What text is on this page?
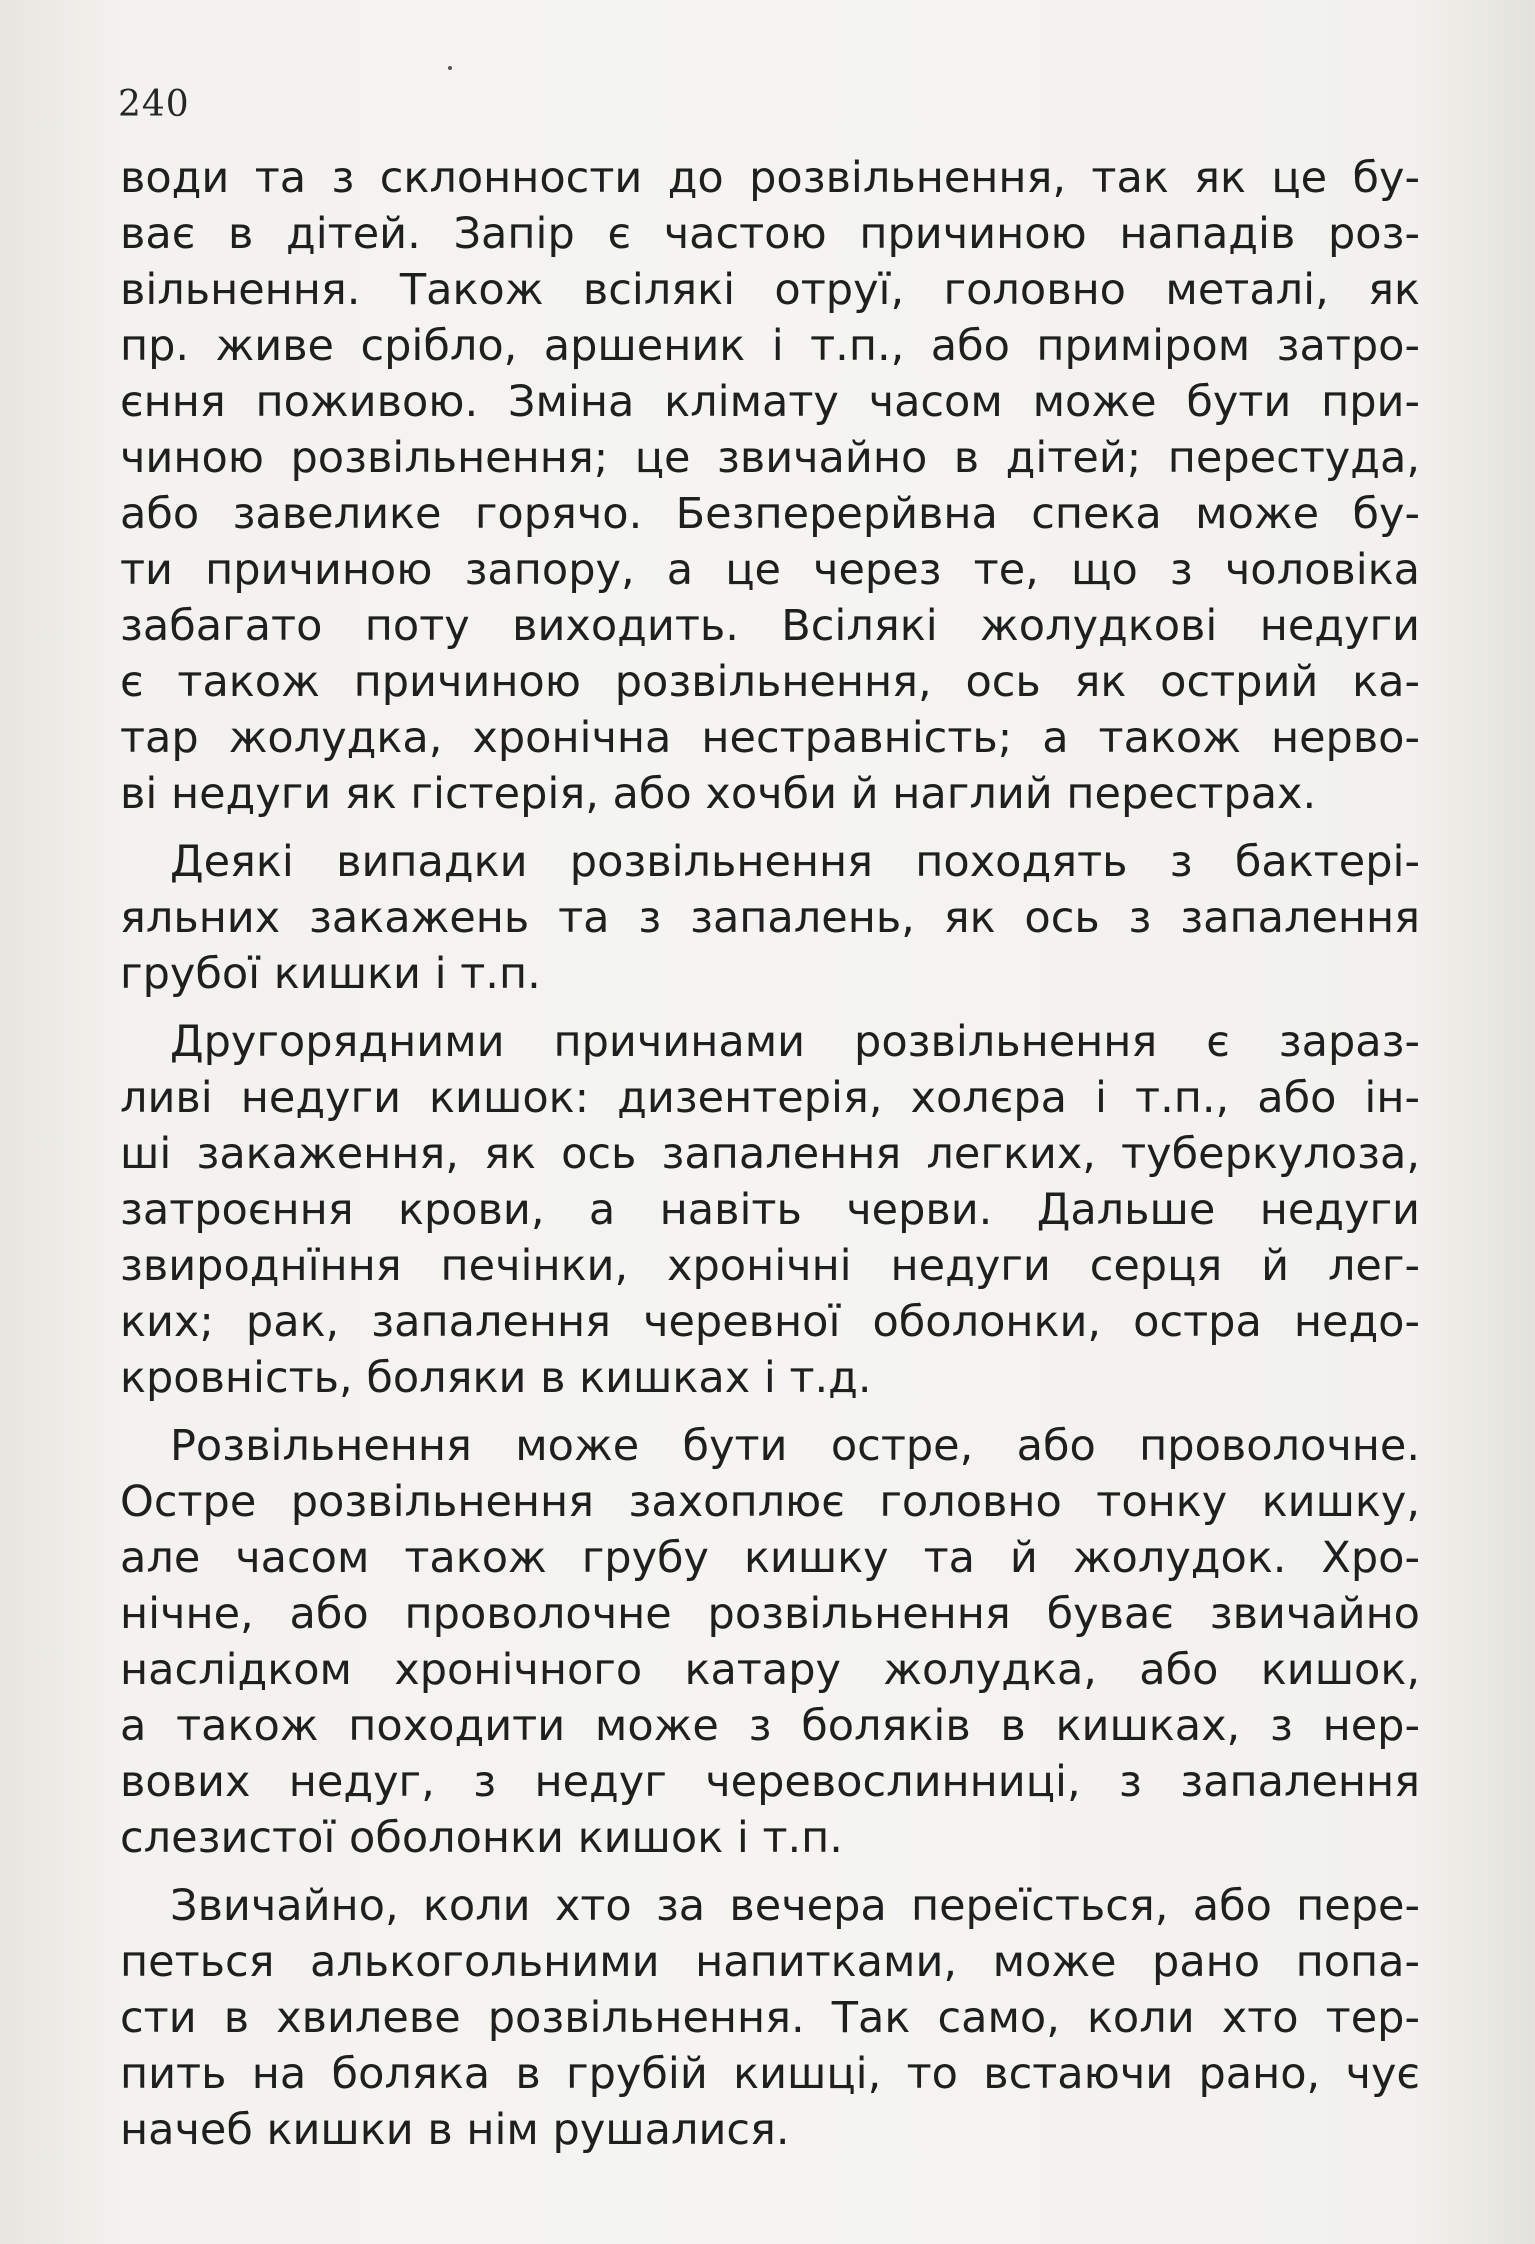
240
води та з склонности до розвільнення, так як це бу-
ває в дітей. Запір є частою причиною нападів роз-
вільнення. Також всілякі отруї, головно металі, як
пр. живе срібло, аршеник і т.п., або приміром затро-
єння поживою. Зміна клімату часом може бути при-
чиною розвільнення; це звичайно в дітей; перестуда,
або завелике горячо. Безперерйвна спека може бу-
ти причиною запору, а це через те, що з чоловіка
забагато поту виходить. Всілякі жолудкові недуги
є також причиною розвільнення, ось як острий ка-
тар жолудка, хронічна нестравність; а також нерво-
ві недуги як гістерія, або хочби й наглий перестрах.
Деякі випадки розвільнення походять з бактері-
яльних закажень та з запалень, як ось з запалення
грубої кишки і т.п.
Другорядними причинами розвільнення є зараз-
ливі недуги кишок: дизентерія, холєра і т.п., або ін-
ші закаження, як ось запалення легких, туберкулоза,
затроєння крови, а навіть черви. Дальше недуги
звироднїння печінки, хронічні недуги серця й лег-
ких; рак, запалення черевної оболонки, остра недо-
кровність, боляки в кишках і т.д.
Розвільнення може бути остре, або проволочне.
Остре розвільнення захоплює головно тонку кишку,
але часом також грубу кишку та й жолудок. Хро-
нічне, або проволочне розвільнення буває звичайно
наслідком хронічного катару жолудка, або кишок,
а також походити може з боляків в кишках, з нер-
вових недуг, з недуг черевослинниці, з запалення
слезистої оболонки кишок і т.п.
Звичайно, коли хто за вечера переїсться, або пере-
петься алькогольними напитками, може рано попа-
сти в хвилеве розвільнення. Так само, коли хто тер-
пить на боляка в грубій кишці, то встаючи рано, чує
начеб кишки в нім рушалися.
